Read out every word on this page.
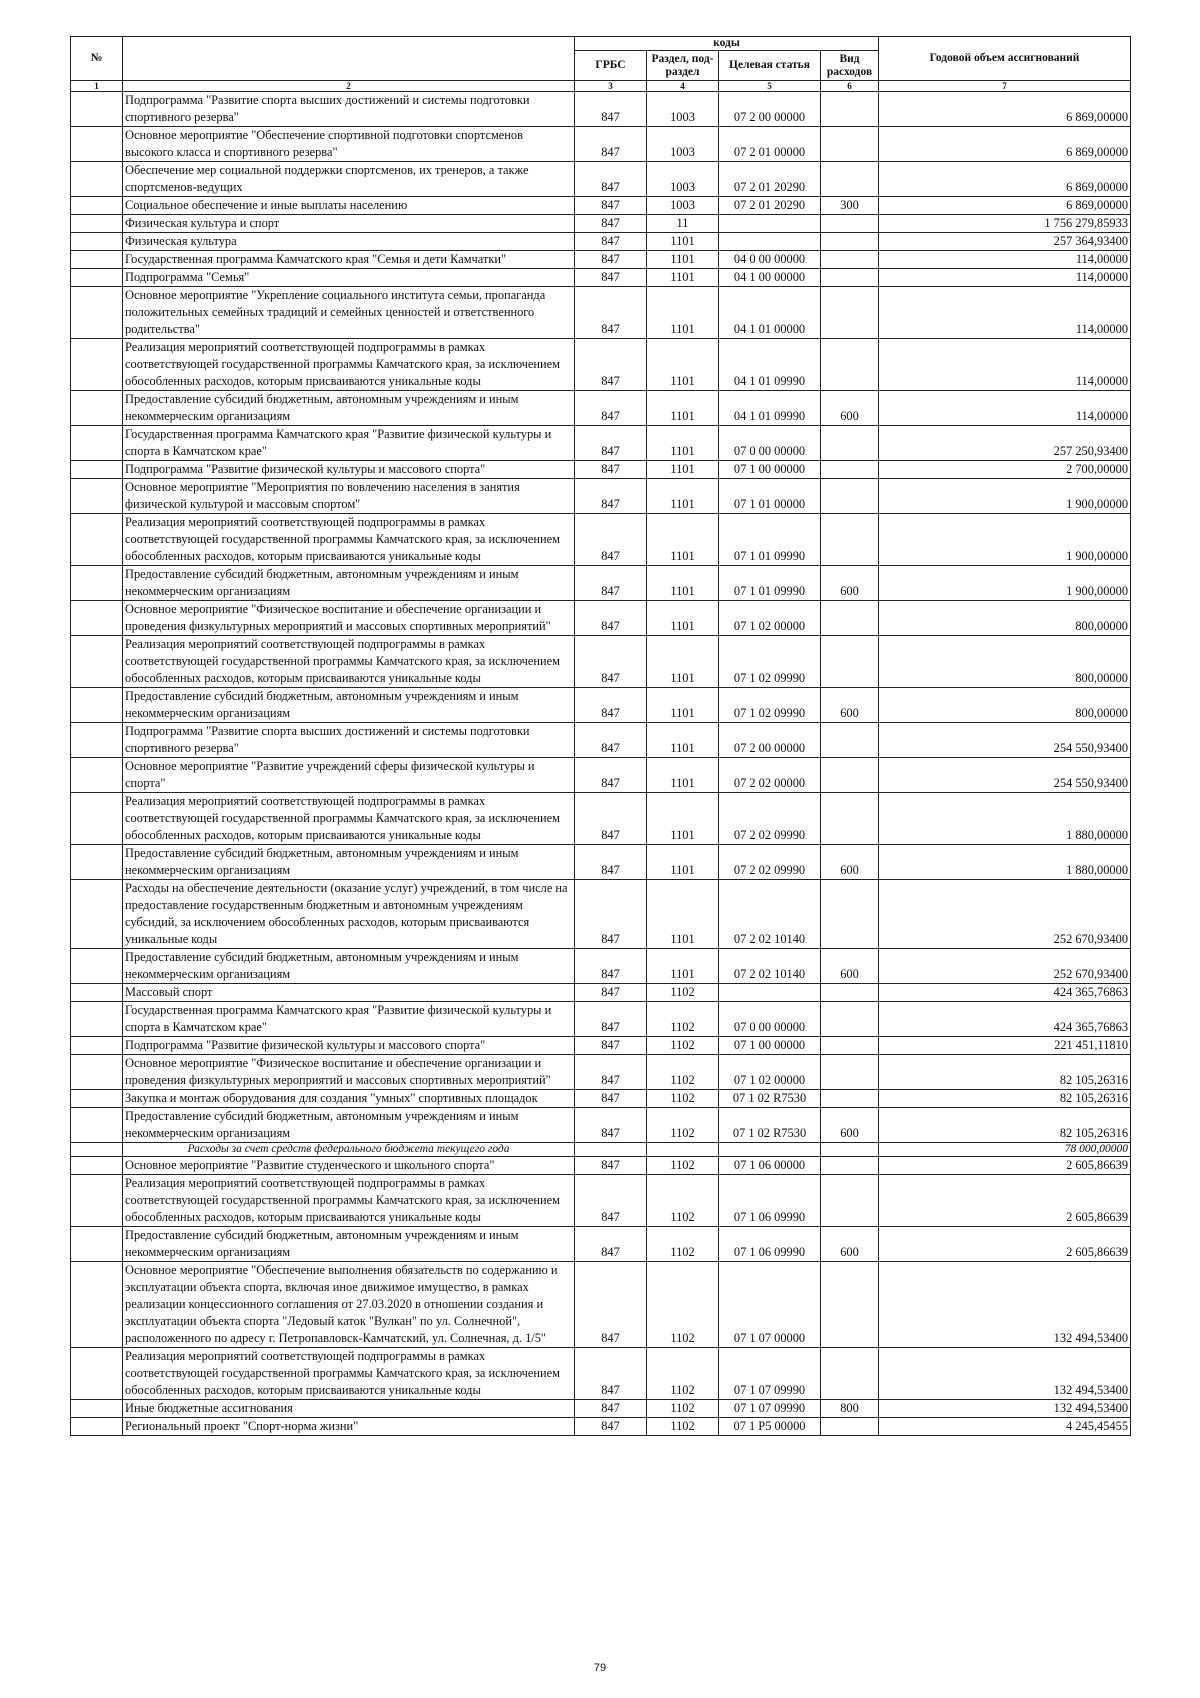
№		коды				Годовой объем ассигнований
		ГРБС	Раздел, под-раздел	Целевая статья	Вид расходов	
1	2	3	4	5	6	7
	Подпрограмма "Развитие спорта высших достижений и системы подготовки спортивного резерва"	847	1003	07 2 00 00000		6 869,00000
	Основное мероприятие "Обеспечение спортивной подготовки спортсменов высокого класса и спортивного резерва"	847	1003	07 2 01 00000		6 869,00000
	Обеспечение мер социальной поддержки спортсменов, их тренеров, а также спортсменов-ведущих	847	1003	07 2 01 20290		6 869,00000
	Социальное обеспечение и иные выплаты населению	847	1003	07 2 01 20290	300	6 869,00000
	Физическая культура и спорт	847	11			1 756 279,85933
	Физическая культура	847	1101			257 364,93400
	Государственная программа Камчатского края "Семья и дети Камчатки"	847	1101	04 0 00 00000		114,00000
	Подпрограмма "Семья"	847	1101	04 1 00 00000		114,00000
	Основное мероприятие "Укрепление социального института семьи, пропаганда положительных семейных традиций и семейных ценностей и ответственного родительства"	847	1101	04 1 01 00000		114,00000
	Реализация мероприятий соответствующей подпрограммы в рамках соответствующей государственной программы Камчатского края, за исключением обособленных расходов, которым присваиваются уникальные коды	847	1101	04 1 01 09990		114,00000
	Предоставление субсидий бюджетным, автономным учреждениям и иным некоммерческим организациям	847	1101	04 1 01 09990	600	114,00000
	Государственная программа Камчатского края "Развитие физической культуры и спорта в Камчатском крае"	847	1101	07 0 00 00000		257 250,93400
	Подпрограмма "Развитие физической культуры и массового спорта"	847	1101	07 1 00 00000		2 700,00000
	Основное мероприятие "Мероприятия по вовлечению населения в занятия физической культурой и массовым спортом"	847	1101	07 1 01 00000		1 900,00000
	Реализация мероприятий соответствующей подпрограммы в рамках соответствующей государственной программы Камчатского края, за исключением обособленных расходов, которым присваиваются уникальные коды	847	1101	07 1 01 09990		1 900,00000
	Предоставление субсидий бюджетным, автономным учреждениям и иным некоммерческим организациям	847	1101	07 1 01 09990	600	1 900,00000
	Основное мероприятие "Физическое воспитание и обеспечение организации и проведения физкультурных мероприятий и массовых спортивных мероприятий"	847	1101	07 1 02 00000		800,00000
	Реализация мероприятий соответствующей подпрограммы в рамках соответствующей государственной программы Камчатского края, за исключением обособленных расходов, которым присваиваются уникальные коды	847	1101	07 1 02 09990		800,00000
	Предоставление субсидий бюджетным, автономным учреждениям и иным некоммерческим организациям	847	1101	07 1 02 09990	600	800,00000
	Подпрограмма "Развитие спорта высших достижений и системы подготовки спортивного резерва"	847	1101	07 2 00 00000		254 550,93400
	Основное мероприятие "Развитие учреждений сферы физической культуры и спорта"	847	1101	07 2 02 00000		254 550,93400
	Реализация мероприятий соответствующей подпрограммы в рамках соответствующей государственной программы Камчатского края, за исключением обособленных расходов, которым присваиваются уникальные коды	847	1101	07 2 02 09990		1 880,00000
	Предоставление субсидий бюджетным, автономным учреждениям и иным некоммерческим организациям	847	1101	07 2 02 09990	600	1 880,00000
	Расходы на обеспечение деятельности (оказание услуг) учреждений, в том числе на предоставление государственным бюджетным и автономным учреждениям субсидий, за исключением обособленных расходов, которым присваиваются уникальные коды	847	1101	07 2 02 10140		252 670,93400
	Предоставление субсидий бюджетным, автономным учреждениям и иным некоммерческим организациям	847	1101	07 2 02 10140	600	252 670,93400
	Массовый спорт	847	1102			424 365,76863
	Государственная программа Камчатского края "Развитие физической культуры и спорта в Камчатском крае"	847	1102	07 0 00 00000		424 365,76863
	Подпрограмма "Развитие физической культуры и массового спорта"	847	1102	07 1 00 00000		221 451,11810
	Основное мероприятие "Физическое воспитание и обеспечение организации и проведения физкультурных мероприятий и массовых спортивных мероприятий"	847	1102	07 1 02 00000		82 105,26316
	Закупка и монтаж оборудования для создания "умных" спортивных площадок	847	1102	07 1 02 R7530		82 105,26316
	Предоставление субсидий бюджетным, автономным учреждениям и иным некоммерческим организациям	847	1102	07 1 02 R7530	600	82 105,26316
	Расходы за счет средств федерального бюджета текущего года					78 000,00000
	Основное мероприятие "Развитие студенческого и школьного спорта"	847	1102	07 1 06 00000		2 605,86639
	Реализация мероприятий соответствующей подпрограммы в рамках соответствующей государственной программы Камчатского края, за исключением обособленных расходов, которым присваиваются уникальные коды	847	1102	07 1 06 09990		2 605,86639
	Предоставление субсидий бюджетным, автономным учреждениям и иным некоммерческим организациям	847	1102	07 1 06 09990	600	2 605,86639
	Основное мероприятие "Обеспечение выполнения обязательств по содержанию и эксплуатации объекта спорта, включая иное движимое имущество, в рамках реализации концессионного соглашения от 27.03.2020 в отношении создания и эксплуатации объекта спорта "Ледовый каток "Вулкан" по ул. Солнечной", расположенного по адресу г. Петропавловск-Камчатский, ул. Солнечная, д. 1/5"	847	1102	07 1 07 00000		132 494,53400
	Реализация мероприятий соответствующей подпрограммы в рамках соответствующей государственной программы Камчатского края, за исключением обособленных расходов, которым присваиваются уникальные коды	847	1102	07 1 07 09990		132 494,53400
	Иные бюджетные ассигнования	847	1102	07 1 07 09990	800	132 494,53400
	Региональный проект "Спорт-норма жизни"	847	1102	07 1 P5 00000		4 245,45455
79
